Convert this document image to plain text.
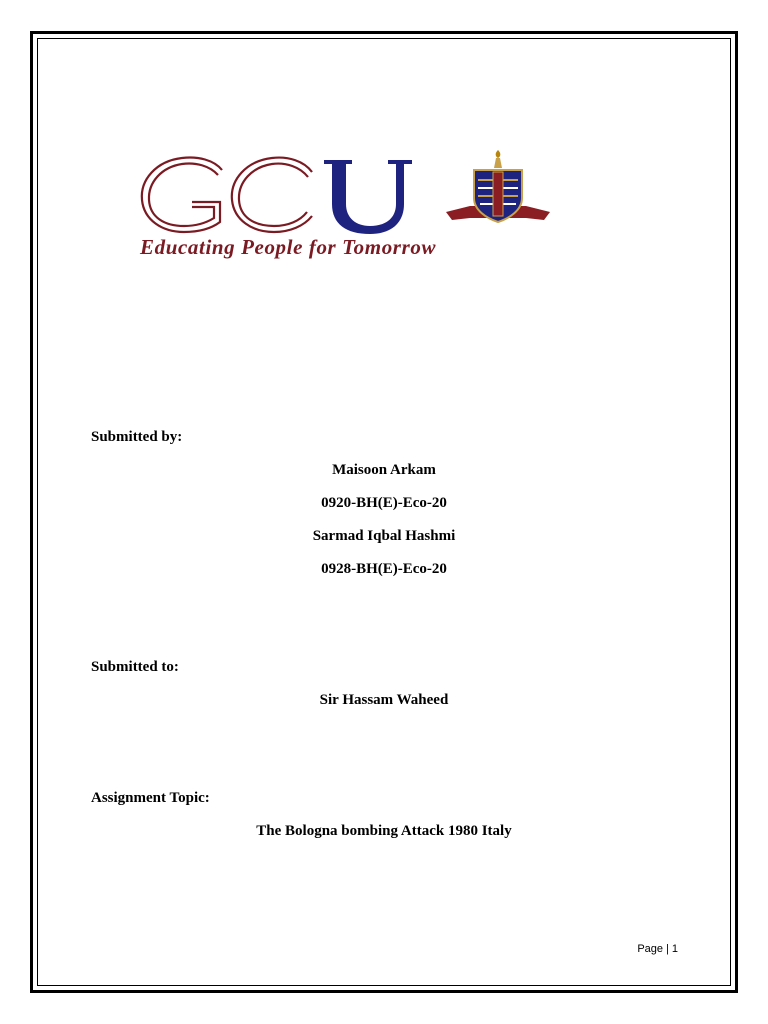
Educating People for Tomorrow
Submitted by:
Maisoon Arkam
0920-BH(E)-Eco-20
Sarmad Iqbal Hashmi
0928-BH(E)-Eco-20
Submitted to:
Sir Hassam Waheed
Assignment Topic:
The Bologna bombing Attack 1980 Italy
Page | 1
